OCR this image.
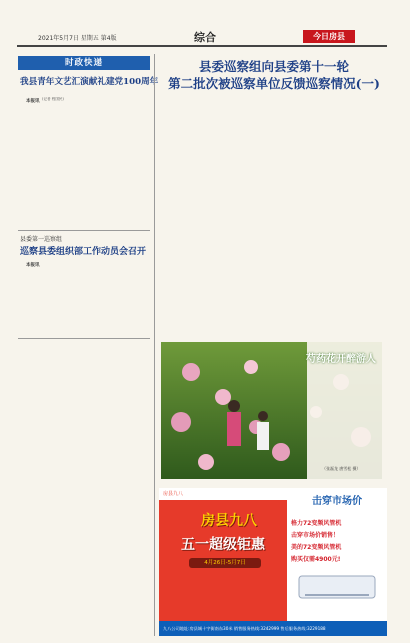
2021年5月7日 星期五 第4版	综合	今日房县
时政快递
我县青年文艺汇演献礼建党100周年
本报讯 (记者 程国民)
县委第一巡察组
巡察县委组织部工作动员会召开
本报讯
县委巡察组向县委第十一轮
第二批次被巡察单位反馈巡察情况(一)
芍药花开醉游人
（张磊龙 唐雪松 摄）
房县九八
房县九八
五一超级钜惠
4月26日-5月7日
击穿市场价
格力72变频风管机
击穿市场价销售！
美的72变频风管机
购买仅需4900元!
九八公司地址:房县城十字街南东30米 销售服务热线:3242999 售后服务热线:3229188
